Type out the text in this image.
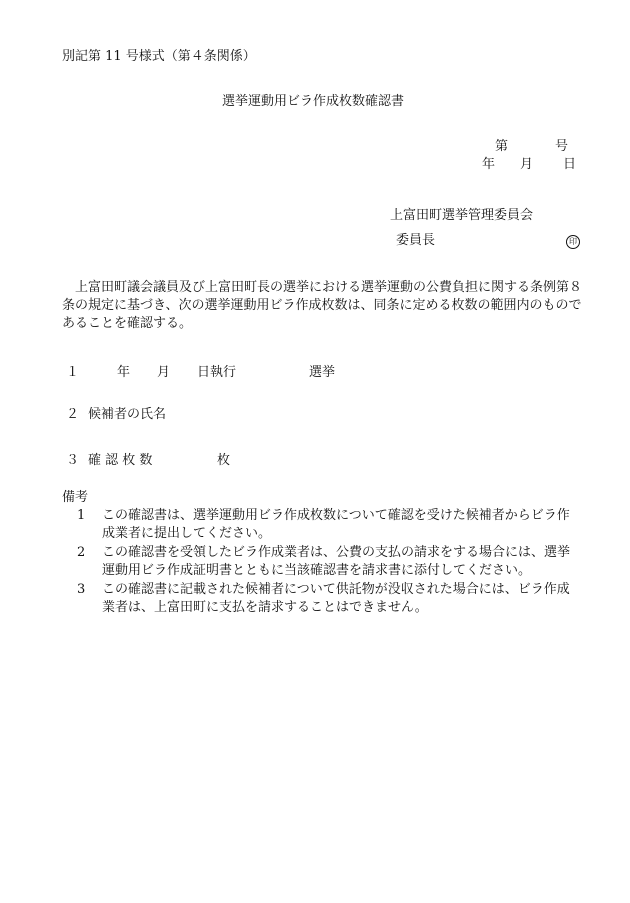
別記第 11 号様式（第４条関係）
選挙運動用ビラ作成枚数確認書
第	号
年 月 日
上富田町選挙管理委員会
委員長	印
上富田町議会議員及び上富田町長の選挙における選挙運動の公費負担に関する条例第８条の規定に基づき、次の選挙運動用ビラ作成枚数は、同条に定める枚数の範囲内のものであることを確認する。
１	年 月 日執行	選挙
２ 候補者の氏名
３ 確 認 枚 数	枚
備考
1 この確認書は、選挙運動用ビラ作成枚数について確認を受けた候補者からビラ作成業者に提出してください。
2 この確認書を受領したビラ作成業者は、公費の支払の請求をする場合には、選挙運動用ビラ作成証明書とともに当該確認書を請求書に添付してください。
3 この確認書に記載された候補者について供託物が没収された場合には、ビラ作成業者は、上富田町に支払を請求することはできません。
